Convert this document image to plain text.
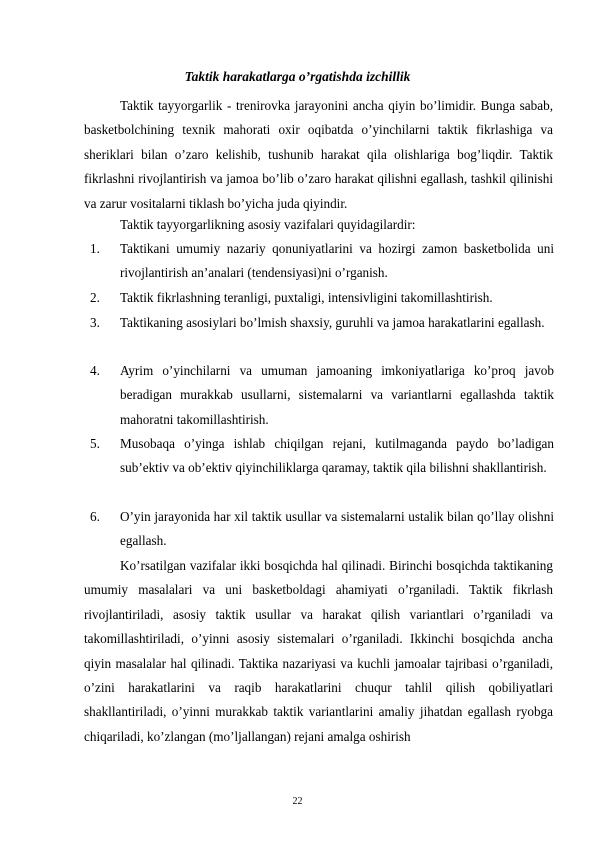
Taktik harakatlarga o’rgatishda izchillik
Taktik tayyorgarlik - trenirovka jarayonini ancha qiyin bo’limidir. Bunga sabab, basketbolchining texnik mahorati oxir oqibatda o’yinchilarni taktik fikrlashiga va sheriklari bilan o’zaro kelishib, tushunib harakat qila olishlariga bog’liqdir. Taktik fikrlashni rivojlantirish va jamoa bo’lib o’zaro harakat qilishni egallash, tashkil qilinishi va zarur vositalarni tiklash bo’yicha juda qiyindir.
Taktik tayyorgarlikning asosiy vazifalari quyidagilardir:
1.	Taktikani umumiy nazariy qonuniyatlarini va hozirgi zamon basketbolida uni rivojlantirish an’analari (tendensiyasi)ni o’rganish.
2.	Taktik fikrlashning teranligi, puxtaligi, intensivligini takomillashtirish.
3.	Taktikaning asosiylari bo’lmish shaxsiy, guruhli va jamoa harakatlarini egallash.
4.	Ayrim o’yinchilarni va umuman jamoaning imkoniyatlariga ko’proq javob beradigan murakkab usullarni, sistemalarni va variantlarni egallashda taktik mahoratni takomillashtirish.
5.	Musobaqa o’yinga ishlab chiqilgan rejani, kutilmaganda paydo bo’ladigan sub’ektiv va ob’ektiv qiyinchiliklarga qaramay, taktik qila bilishni shakllantirish.
6.	O’yin jarayonida har xil taktik usullar va sistemalarni ustalik bilan qo’llay olishni egallash.
Ko’rsatilgan vazifalar ikki bosqichda hal qilinadi. Birinchi bosqichda taktikaning umumiy masalalari va uni basketboldagi ahamiyati o’rganiladi. Taktik fikrlash rivojlantiriladi, asosiy taktik usullar va harakat qilish variantlari o’rganiladi va takomillashtiriladi, o’yinni asosiy sistemalari o’rganiladi. Ikkinchi bosqichda ancha qiyin masalalar hal qilinadi. Taktika nazariyasi va kuchli jamoalar tajribasi o’rganiladi, o’zini harakatlarini va raqib harakatlarini chuqur tahlil qilish qobiliyatlari shakllantiriladi, o’yinni murakkab taktik variantlarini amaliy jihatdan egallash ryobga chiqariladi, ko’zlangan (mo’ljallangan) rejani amalga oshirish
22
